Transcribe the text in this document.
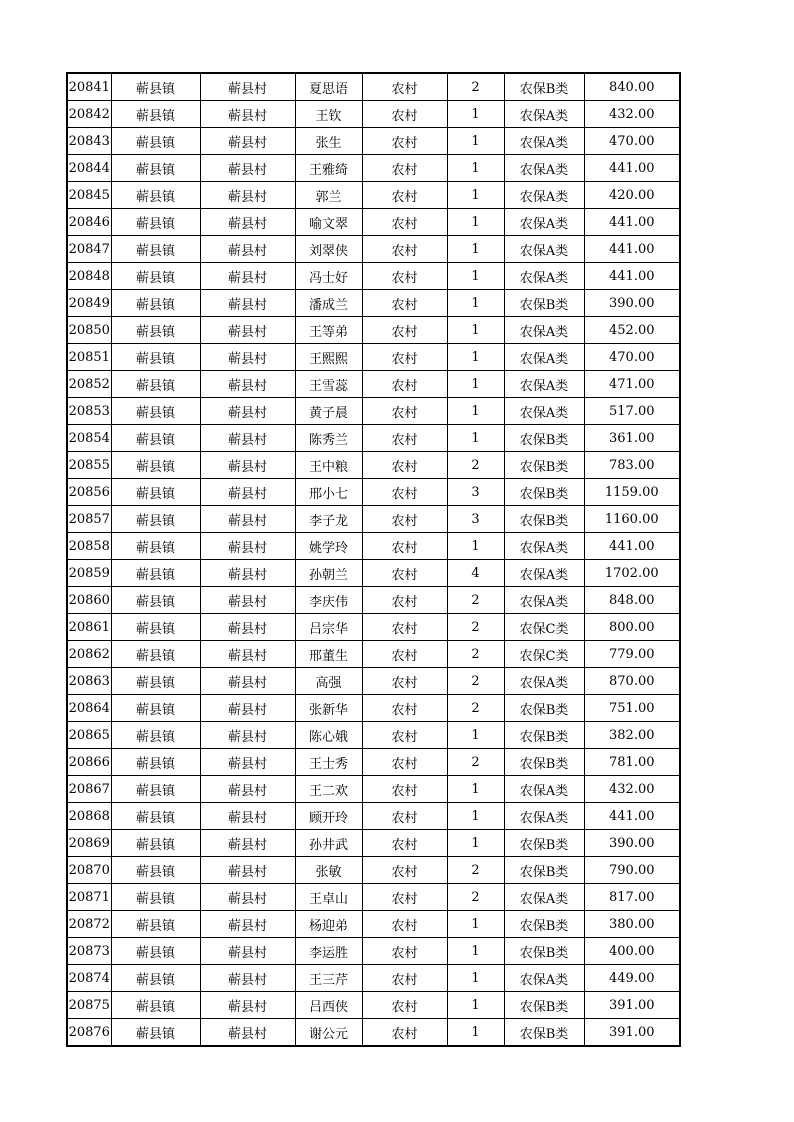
20841	蕲县镇	蕲县村	夏思语	农村	2	农保B类	840.00
20842	蕲县镇	蕲县村	王钦	农村	1	农保A类	432.00
20843	蕲县镇	蕲县村	张生	农村	1	农保A类	470.00
20844	蕲县镇	蕲县村	王雅绮	农村	1	农保A类	441.00
20845	蕲县镇	蕲县村	郭兰	农村	1	农保A类	420.00
20846	蕲县镇	蕲县村	喻文翠	农村	1	农保A类	441.00
20847	蕲县镇	蕲县村	刘翠侠	农村	1	农保A类	441.00
20848	蕲县镇	蕲县村	冯士好	农村	1	农保A类	441.00
20849	蕲县镇	蕲县村	潘成兰	农村	1	农保B类	390.00
20850	蕲县镇	蕲县村	王等弟	农村	1	农保A类	452.00
20851	蕲县镇	蕲县村	王熙熙	农村	1	农保A类	470.00
20852	蕲县镇	蕲县村	王雪蕊	农村	1	农保A类	471.00
20853	蕲县镇	蕲县村	黄子晨	农村	1	农保A类	517.00
20854	蕲县镇	蕲县村	陈秀兰	农村	1	农保B类	361.00
20855	蕲县镇	蕲县村	王中粮	农村	2	农保B类	783.00
20856	蕲县镇	蕲县村	邢小七	农村	3	农保B类	1159.00
20857	蕲县镇	蕲县村	李子龙	农村	3	农保B类	1160.00
20858	蕲县镇	蕲县村	姚学玲	农村	1	农保A类	441.00
20859	蕲县镇	蕲县村	孙朝兰	农村	4	农保A类	1702.00
20860	蕲县镇	蕲县村	李庆伟	农村	2	农保A类	848.00
20861	蕲县镇	蕲县村	吕宗华	农村	2	农保C类	800.00
20862	蕲县镇	蕲县村	邢董生	农村	2	农保C类	779.00
20863	蕲县镇	蕲县村	高强	农村	2	农保A类	870.00
20864	蕲县镇	蕲县村	张新华	农村	2	农保B类	751.00
20865	蕲县镇	蕲县村	陈心娥	农村	1	农保B类	382.00
20866	蕲县镇	蕲县村	王士秀	农村	2	农保B类	781.00
20867	蕲县镇	蕲县村	王二欢	农村	1	农保A类	432.00
20868	蕲县镇	蕲县村	顾开玲	农村	1	农保A类	441.00
20869	蕲县镇	蕲县村	孙井武	农村	1	农保B类	390.00
20870	蕲县镇	蕲县村	张敏	农村	2	农保B类	790.00
20871	蕲县镇	蕲县村	王卓山	农村	2	农保A类	817.00
20872	蕲县镇	蕲县村	杨迎弟	农村	1	农保B类	380.00
20873	蕲县镇	蕲县村	李运胜	农村	1	农保B类	400.00
20874	蕲县镇	蕲县村	王三芹	农村	1	农保A类	449.00
20875	蕲县镇	蕲县村	吕西侠	农村	1	农保B类	391.00
20876	蕲县镇	蕲县村	谢公元	农村	1	农保B类	391.00
